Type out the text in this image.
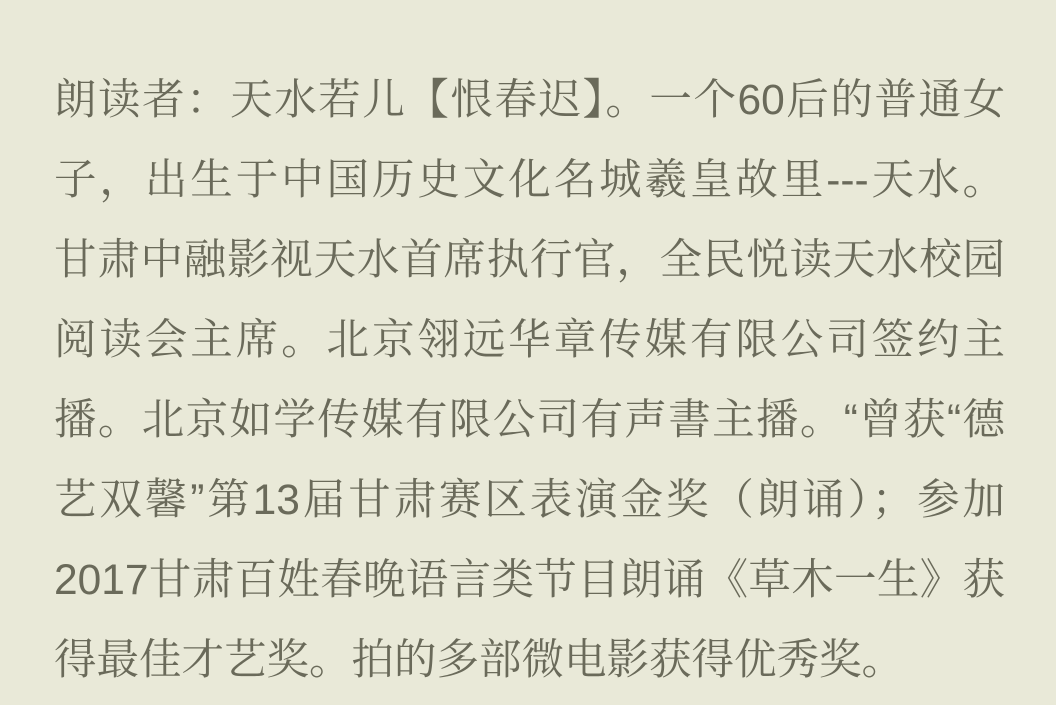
朗读者：天水若儿【恨春迟】。一个60后的普通女
子，出生于中国历史文化名城羲皇故里---天水。
甘肃中融影视天水首席执行官，全民悦读天水校园
阅读会主席。北京翎远华章传媒有限公司签约主
播。北京如学传媒有限公司有声書主播。“曾获“德
艺双馨”第13届甘肃赛区表演金奖（朗诵）；参加
2017甘肃百姓春晚语言类节目朗诵《草木一生》获
得最佳才艺奖。拍的多部微电影获得优秀奖。
